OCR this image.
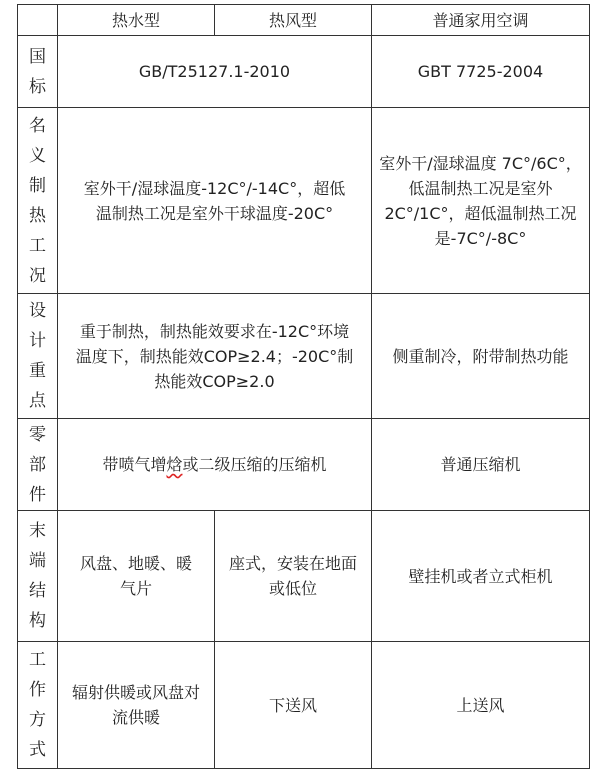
	热水型	热风型	普通家用空调

国标	GB/T25127.1-2010		GBT 7725-2004

名义制热工况	室外干/湿球温度-12C°/-14C°，超低温制热工况是室外干球温度-20C°		室外干/湿球温度 7C°/6C°，低温制热工况是室外 2C°/1C°，超低温制热工况是-7C°/-8C°

设计重点	重于制热，制热能效要求在-12C°环境温度下，制热能效COP≥2.4；-20C°制热能效COP≥2.0		侧重制冷，附带制热功能

零部件	带喷气增焓或二级压缩的压缩机		普通压缩机

末端结构	风盘、地暖、暖气片	座式，安装在地面或低位	壁挂机或者立式柜机

工作方式	辐射供暖或风盘对流供暖	下送风	上送风
